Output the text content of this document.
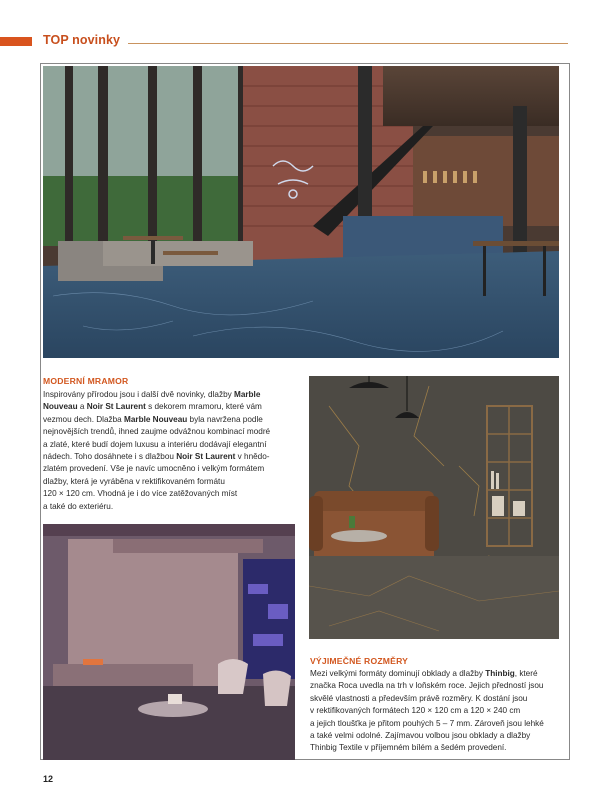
TOP novinky
MODERNÍ MRAMOR

Inspirovány přírodou jsou i další dvě novinky, dlažby Marble

Nouveau a Noir St Laurent s dekorem mramoru, které vám

vezmou dech. Dlažba Marble Nouveau byla navržena podle

nejnovějších trendů, ihned zaujme odvážnou kombinací modré

a zlaté, které budí dojem luxusu a interiéru dodávají elegantní

nádech. Toho dosáhnete i s dlažbou Noir St Laurent v hnědo-

zlatém provedení. Vše je navíc umocněno i velkým formátem

dlažby, která je vyráběna v rektifikovaném formátu

120 × 120 cm. Vhodná je i do více zatěžovaných míst

a také do exteriéru.

VÝJIMEČNÉ ROZMĚRY

Mezi velkými formáty dominují obklady a dlažby Thinbig, které

značka Roca uvedla na trh v loňském roce. Jejich předností jsou

skvělé vlastnosti a především právě rozměry. K dostání jsou

v rektifikovaných formátech 120 × 120 cm a 120 × 240 cm

a jejich tloušťka je přitom pouhých 5 – 7 mm. Zároveň jsou lehké

a také velmi odolné. Zajímavou volbou jsou obklady a dlažby

Thinbig Textile v příjemném bílém a šedém provedení.

12
